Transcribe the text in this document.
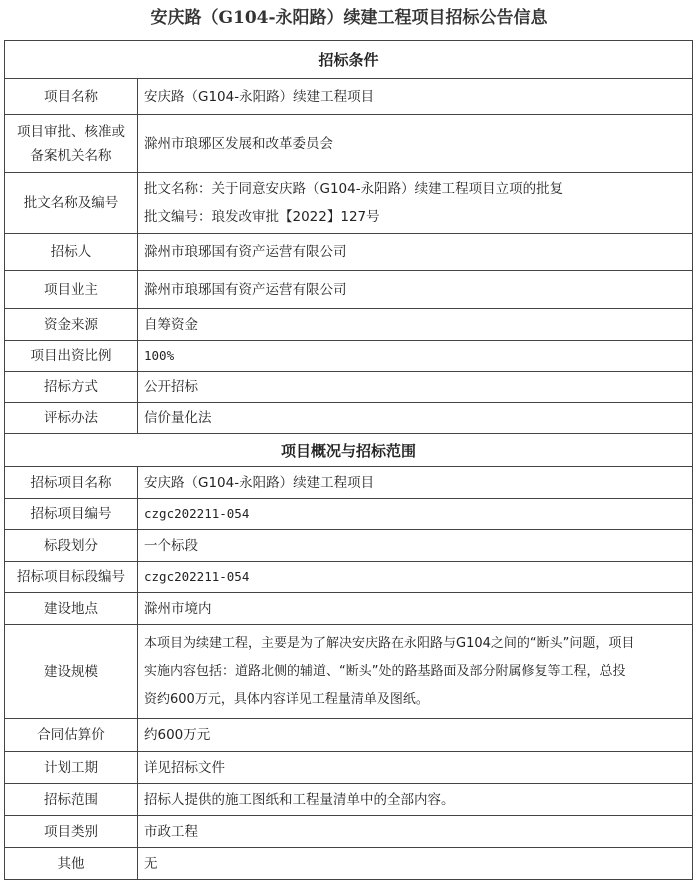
安庆路（G104-永阳路）续建工程项目招标公告信息
招标条件	
项目名称	安庆路（G104-永阳路）续建工程项目

项目审批、核准或
备案机关名称	滁州市琅琊区发展和改革委员会
批文名称及编号	批文名称：关于同意安庆路（G104-永阳路）续建工程项目立项的批复
批文编号：琅发改审批【2022】127号

招标人	滁州市琅琊国有资产运营有限公司
项目业主	滁州市琅琊国有资产运营有限公司
资金来源	自筹资金
项目出资比例	100%
招标方式	公开招标
评标办法	信价量化法
项目概况与招标范围	
招标项目名称	安庆路（G104-永阳路）续建工程项目
招标项目编号	czgc202211-054
标段划分	一个标段
招标项目标段编号	czgc202211-054
建设地点	滁州市境内
建设规模	本项目为续建工程，主要是为了解决安庆路在永阳路与G104之间的“断头”问题，项目
实施内容包括：道路北侧的辅道、“断头”处的路基路面及部分附属修复等工程，总投
资约600万元，具体内容详见工程量清单及图纸。

合同估算价	约600万元
计划工期	详见招标文件
招标范围	招标人提供的施工图纸和工程量清单中的全部内容。
项目类别	市政工程
其他	无
